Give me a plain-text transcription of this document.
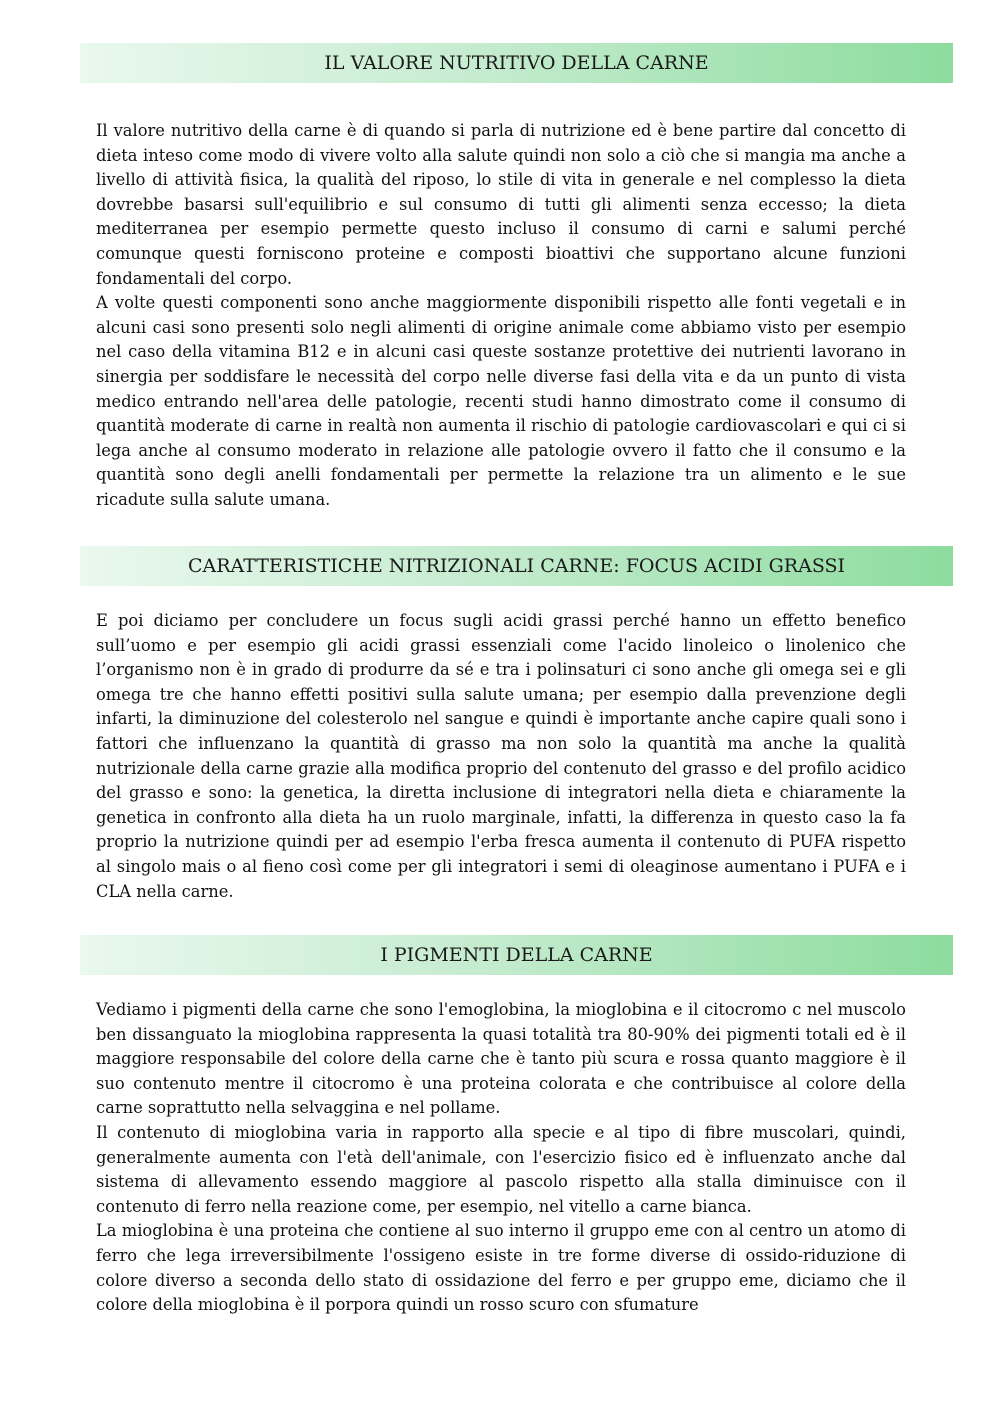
IL VALORE NUTRITIVO DELLA CARNE

Il valore nutritivo della carne è di quando si parla di nutrizione ed è bene partire dal concetto di dieta inteso come modo di vivere volto alla salute quindi non solo a ciò che si mangia ma anche a livello di attività fisica, la qualità del riposo, lo stile di vita in generale e nel complesso la dieta dovrebbe basarsi sull'equilibrio e sul consumo di tutti gli alimenti senza eccesso; la dieta mediterranea per esempio permette questo incluso il consumo di carni e salumi perché comunque questi forniscono proteine e composti bioattivi che supportano alcune funzioni fondamentali del corpo.

A volte questi componenti sono anche maggiormente disponibili rispetto alle fonti vegetali e in alcuni casi sono presenti solo negli alimenti di origine animale come abbiamo visto per esempio nel caso della vitamina B12 e in alcuni casi queste sostanze protettive dei nutrienti lavorano in sinergia per soddisfare le necessità del corpo nelle diverse fasi della vita e da un punto di vista medico entrando nell'area delle patologie, recenti studi hanno dimostrato come il consumo di quantità moderate di carne in realtà non aumenta il rischio di patologie cardiovascolari e qui ci si lega anche al consumo moderato in relazione alle patologie ovvero il fatto che il consumo e la quantità sono degli anelli fondamentali per permette la relazione tra un alimento e le sue ricadute sulla salute umana.

CARATTERISTICHE NITRIZIONALI CARNE: FOCUS ACIDI GRASSI

E poi diciamo per concludere un focus sugli acidi grassi perché hanno un effetto benefico sull’uomo e per esempio gli acidi grassi essenziali come l'acido linoleico o linolenico che l’organismo non è in grado di produrre da sé e tra i polinsaturi ci sono anche gli omega sei e gli omega tre che hanno effetti positivi sulla salute umana; per esempio dalla prevenzione degli infarti, la diminuzione del colesterolo nel sangue e quindi è importante anche capire quali sono i fattori che influenzano la quantità di grasso ma non solo la quantità ma anche la qualità nutrizionale della carne grazie alla modifica proprio del contenuto del grasso e del profilo acidico del grasso e sono: la genetica, la diretta inclusione di integratori nella dieta e chiaramente la genetica in confronto alla dieta ha un ruolo marginale, infatti, la differenza in questo caso la fa proprio la nutrizione quindi per ad esempio l'erba fresca aumenta il contenuto di PUFA rispetto al singolo mais o al fieno così come per gli integratori i semi di oleaginose aumentano i PUFA e i CLA nella carne.

I PIGMENTI DELLA CARNE

Vediamo i pigmenti della carne che sono l'emoglobina, la mioglobina e il citocromo c nel muscolo ben dissanguato la mioglobina rappresenta la quasi totalità tra 80-90% dei pigmenti totali ed è il maggiore responsabile del colore della carne che è tanto più scura e rossa quanto maggiore è il suo contenuto mentre il citocromo è una proteina colorata e che contribuisce al colore della carne soprattutto nella selvaggina e nel pollame.

Il contenuto di mioglobina varia in rapporto alla specie e al tipo di fibre muscolari, quindi, generalmente aumenta con l'età dell'animale, con l'esercizio fisico ed è influenzato anche dal sistema di allevamento essendo maggiore al pascolo rispetto alla stalla diminuisce con il contenuto di ferro nella reazione come, per esempio, nel vitello a carne bianca.

La mioglobina è una proteina che contiene al suo interno il gruppo eme con al centro un atomo di ferro che lega irreversibilmente l'ossigeno esiste in tre forme diverse di ossido-riduzione di colore diverso a seconda dello stato di ossidazione del ferro e per gruppo eme, diciamo che il colore della mioglobina è il porpora quindi un rosso scuro con sfumature
